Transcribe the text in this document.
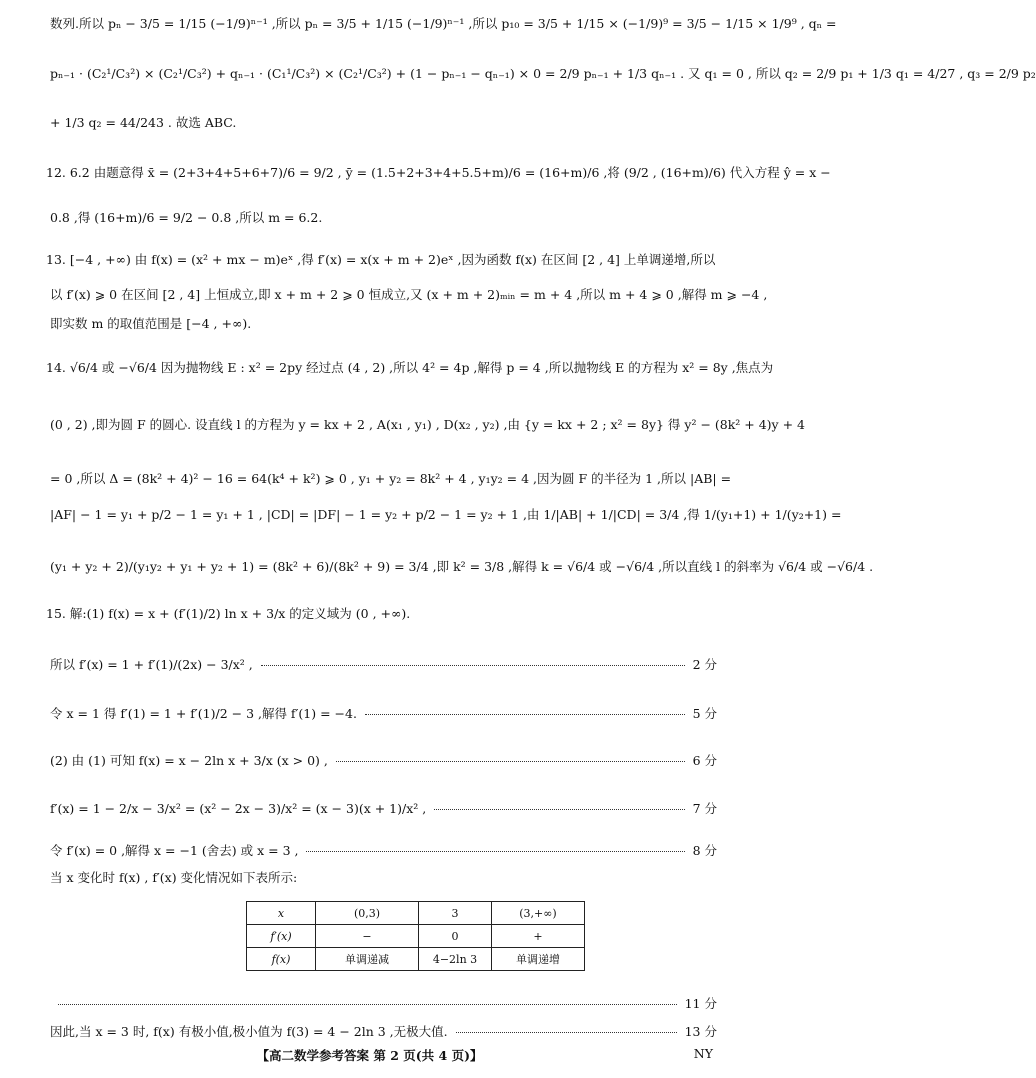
数列.所以 pₙ − 3/5 = 1/15 (−1/9)ⁿ⁻¹ ,所以 pₙ = 3/5 + 1/15 (−1/9)ⁿ⁻¹ ,所以 p₁₀ = 3/5 + 1/15 × (−1/9)⁹ = 3/5 − 1/15 × 1/9⁹ , qₙ =
pₙ₋₁ · (C₂¹/C₃²) × (C₂¹/C₃²) + qₙ₋₁ · (C₁¹/C₃²) × (C₂¹/C₃²) + (1 − pₙ₋₁ − qₙ₋₁) × 0 = 2/9 pₙ₋₁ + 1/3 qₙ₋₁ . 又 q₁ = 0 , 所以 q₂ = 2/9 p₁ + 1/3 q₁ = 4/27 , q₃ = 2/9 p₂
+ 1/3 q₂ = 44/243 . 故选 ABC.
12. 6.2 由题意得 x̄ = (2+3+4+5+6+7)/6 = 9/2 , ȳ = (1.5+2+3+4+5.5+m)/6 = (16+m)/6 ,将 (9/2 , (16+m)/6) 代入方程 ŷ = x −
0.8 ,得 (16+m)/6 = 9/2 − 0.8 ,所以 m = 6.2.
13. [−4 , +∞) 由 f(x) = (x² + mx − m)eˣ ,得 f′(x) = x(x + m + 2)eˣ ,因为函数 f(x) 在区间 [2 , 4] 上单调递增,所以
以 f′(x) ⩾ 0 在区间 [2 , 4] 上恒成立,即 x + m + 2 ⩾ 0 恒成立,又 (x + m + 2)ₘᵢₙ = m + 4 ,所以 m + 4 ⩾ 0 ,解得 m ⩾ −4 ,
即实数 m 的取值范围是 [−4 , +∞).
14. √6/4 或 −√6/4 因为抛物线 E : x² = 2py 经过点 (4 , 2) ,所以 4² = 4p ,解得 p = 4 ,所以抛物线 E 的方程为 x² = 8y ,焦点为
(0 , 2) ,即为圆 F 的圆心. 设直线 l 的方程为 y = kx + 2 , A(x₁ , y₁) , D(x₂ , y₂) ,由 {y = kx + 2 ; x² = 8y} 得 y² − (8k² + 4)y + 4
= 0 ,所以 Δ = (8k² + 4)² − 16 = 64(k⁴ + k²) ⩾ 0 , y₁ + y₂ = 8k² + 4 , y₁y₂ = 4 ,因为圆 F 的半径为 1 ,所以 |AB| =
|AF| − 1 = y₁ + p/2 − 1 = y₁ + 1 , |CD| = |DF| − 1 = y₂ + p/2 − 1 = y₂ + 1 ,由 1/|AB| + 1/|CD| = 3/4 ,得 1/(y₁+1) + 1/(y₂+1) =
(y₁ + y₂ + 2)/(y₁y₂ + y₁ + y₂ + 1) = (8k² + 6)/(8k² + 9) = 3/4 ,即 k² = 3/8 ,解得 k = √6/4 或 −√6/4 ,所以直线 l 的斜率为 √6/4 或 −√6/4 .
15. 解:(1) f(x) = x + (f′(1)/2) ln x + 3/x 的定义域为 (0 , +∞).
所以 f′(x) = 1 + f′(1)/(2x) − 3/x² ,	2 分
令 x = 1 得 f′(1) = 1 + f′(1)/2 − 3 ,解得 f′(1) = −4.	5 分
(2) 由 (1) 可知 f(x) = x − 2ln x + 3/x (x > 0) ,	6 分
f′(x) = 1 − 2/x − 3/x² = (x² − 2x − 3)/x² = (x − 3)(x + 1)/x² ,	7 分
令 f′(x) = 0 ,解得 x = −1 (舍去) 或 x = 3 ,	8 分
当 x 变化时 f(x) , f′(x) 变化情况如下表所示:
11 分
因此,当 x = 3 时, f(x) 有极小值,极小值为 f(3) = 4 − 2ln 3 ,无极大值.	13 分
x	(0,3)	3	(3,+∞)
f′(x)	−	0	+
f(x)	单调递减	4−2ln 3	单调递增
【高二数学参考答案 第 2 页(共 4 页)】	NY
